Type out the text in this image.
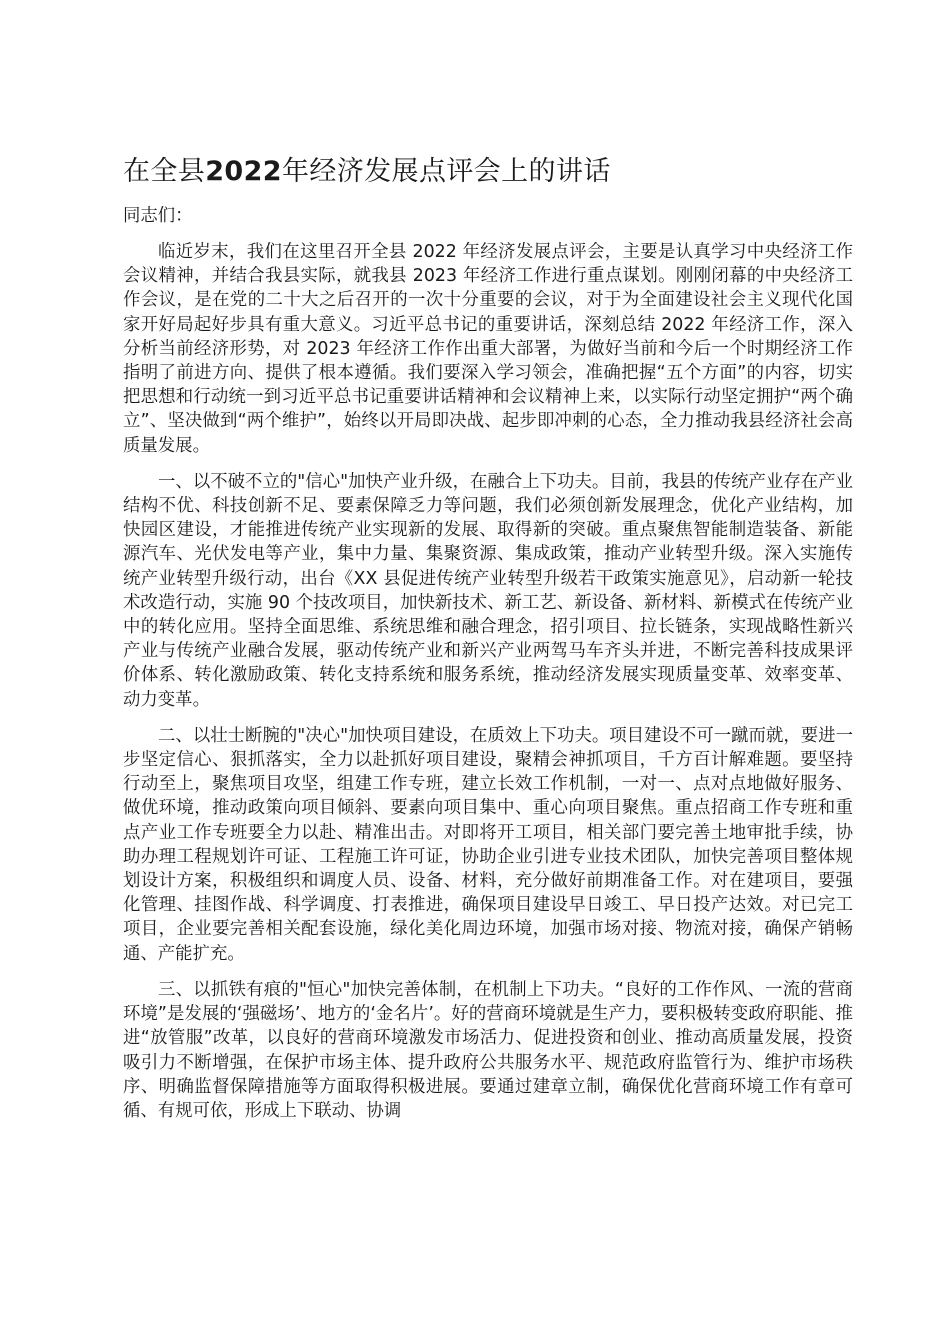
在全县2022年经济发展点评会上的讲话

同志们：

临近岁末，我们在这里召开全县 2022 年经济发展点评会，主要是认真学习中央经济工作会议精神，并结合我县实际，就我县 2023 年经济工作进行重点谋划。刚刚闭幕的中央经济工作会议，是在党的二十大之后召开的一次十分重要的会议，对于为全面建设社会主义现代化国家开好局起好步具有重大意义。习近平总书记的重要讲话，深刻总结 2022 年经济工作，深入分析当前经济形势，对 2023 年经济工作作出重大部署，为做好当前和今后一个时期经济工作指明了前进方向、提供了根本遵循。我们要深入学习领会，准确把握“五个方面”的内容，切实把思想和行动统一到习近平总书记重要讲话精神和会议精神上来，以实际行动坚定拥护“两个确立”、坚决做到“两个维护”，始终以开局即决战、起步即冲刺的心态，全力推动我县经济社会高质量发展。

一、以不破不立的"信心"加快产业升级，在融合上下功夫。目前，我县的传统产业存在产业结构不优、科技创新不足、要素保障乏力等问题，我们必须创新发展理念，优化产业结构，加快园区建设，才能推进传统产业实现新的发展、取得新的突破。重点聚焦智能制造装备、新能源汽车、光伏发电等产业，集中力量、集聚资源、集成政策，推动产业转型升级。深入实施传统产业转型升级行动，出台《XX 县促进传统产业转型升级若干政策实施意见》，启动新一轮技术改造行动，实施 90 个技改项目，加快新技术、新工艺、新设备、新材料、新模式在传统产业中的转化应用。坚持全面思维、系统思维和融合理念，招引项目、拉长链条，实现战略性新兴产业与传统产业融合发展，驱动传统产业和新兴产业两驾马车齐头并进，不断完善科技成果评价体系、转化激励政策、转化支持系统和服务系统，推动经济发展实现质量变革、效率变革、动力变革。

二、以壮士断腕的"决心"加快项目建设，在质效上下功夫。项目建设不可一蹴而就，要进一步坚定信心、狠抓落实，全力以赴抓好项目建设，聚精会神抓项目，千方百计解难题。要坚持行动至上，聚焦项目攻坚，组建工作专班，建立长效工作机制，一对一、点对点地做好服务、做优环境，推动政策向项目倾斜、要素向项目集中、重心向项目聚焦。重点招商工作专班和重点产业工作专班要全力以赴、精准出击。对即将开工项目，相关部门要完善土地审批手续，协助办理工程规划许可证、工程施工许可证，协助企业引进专业技术团队，加快完善项目整体规划设计方案，积极组织和调度人员、设备、材料，充分做好前期准备工作。对在建项目，要强化管理、挂图作战、科学调度、打表推进，确保项目建设早日竣工、早日投产达效。对已完工项目，企业要完善相关配套设施，绿化美化周边环境，加强市场对接、物流对接，确保产销畅通、产能扩充。

三、以抓铁有痕的"恒心"加快完善体制，在机制上下功夫。“良好的工作作风、一流的营商环境”是发展的‘强磁场’、地方的‘金名片’。好的营商环境就是生产力，要积极转变政府职能、推进“放管服”改革，以良好的营商环境激发市场活力、促进投资和创业、推动高质量发展，投资吸引力不断增强，在保护市场主体、提升政府公共服务水平、规范政府监管行为、维护市场秩序、明确监督保障措施等方面取得积极进展。要通过建章立制，确保优化营商环境工作有章可循、有规可依，形成上下联动、协调
